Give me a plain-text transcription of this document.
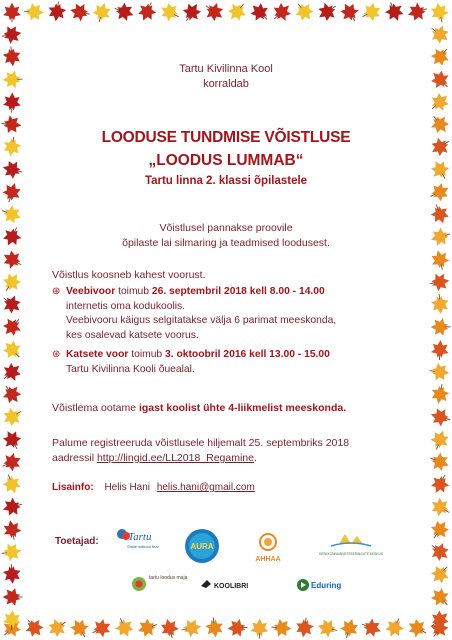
Tartu Kivilinna Kool
korraldab
LOODUSE TUNDMISE VÕISTLUSE
„LOODUS LUMMAB“
Tartu linna 2. klassi õpilastele
Võistlusel pannakse proovile
õpilaste lai silmaring ja teadmised loodusest.
Võistlus koosneb kahest voorust.
⊛ Veebivoor toimub 26. septembril 2018 kell 8.00 - 14.00
internetis oma kodukoolis.
Veebivooru käigus selgitatakse välja 6 parimat meeskonda,
kes osalevad katsete voorus.
⊛ Katsete voor toimub 3. oktoobril 2016 kell 13.00 - 15.00
Tartu Kivilinna Kooli õuealal.
Võistlema ootame igast koolist ühte 4-liikmelist meeskonda.
Palume registreeruda võistlusele hiljemalt 25. septembriks 2018
aadressil http://lingid.ee/LL2018_Regamine.
Lisainfo: Helis Hani helis.hani@gmail.com
Toetajad:	Tartu
Smile without fear	AURA
AHHAA
KESKKONNAINVESTEERINGUTE KESKUS
tartu loodus maja
KOOLIBRI	Eduring
